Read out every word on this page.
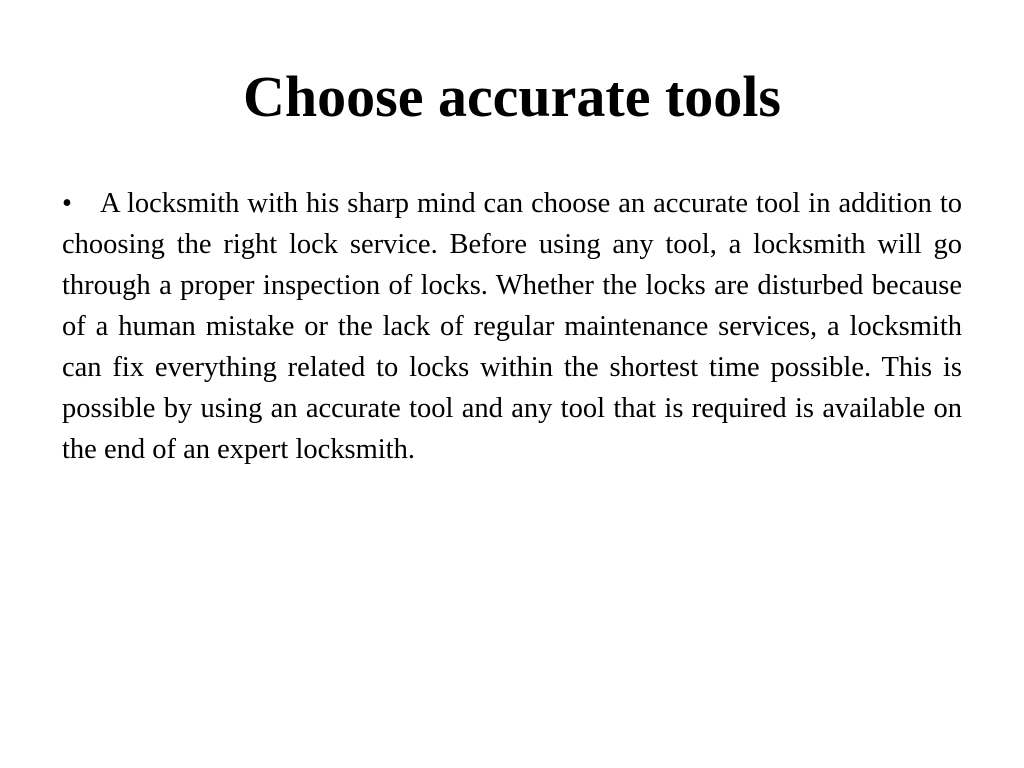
Choose accurate tools
• A locksmith with his sharp mind can choose an accurate tool in addition to choosing the right lock service. Before using any tool, a locksmith will go through a proper inspection of locks. Whether the locks are disturbed because of a human mistake or the lack of regular maintenance services, a locksmith can fix everything related to locks within the shortest time possible. This is possible by using an accurate tool and any tool that is required is available on the end of an expert locksmith.
